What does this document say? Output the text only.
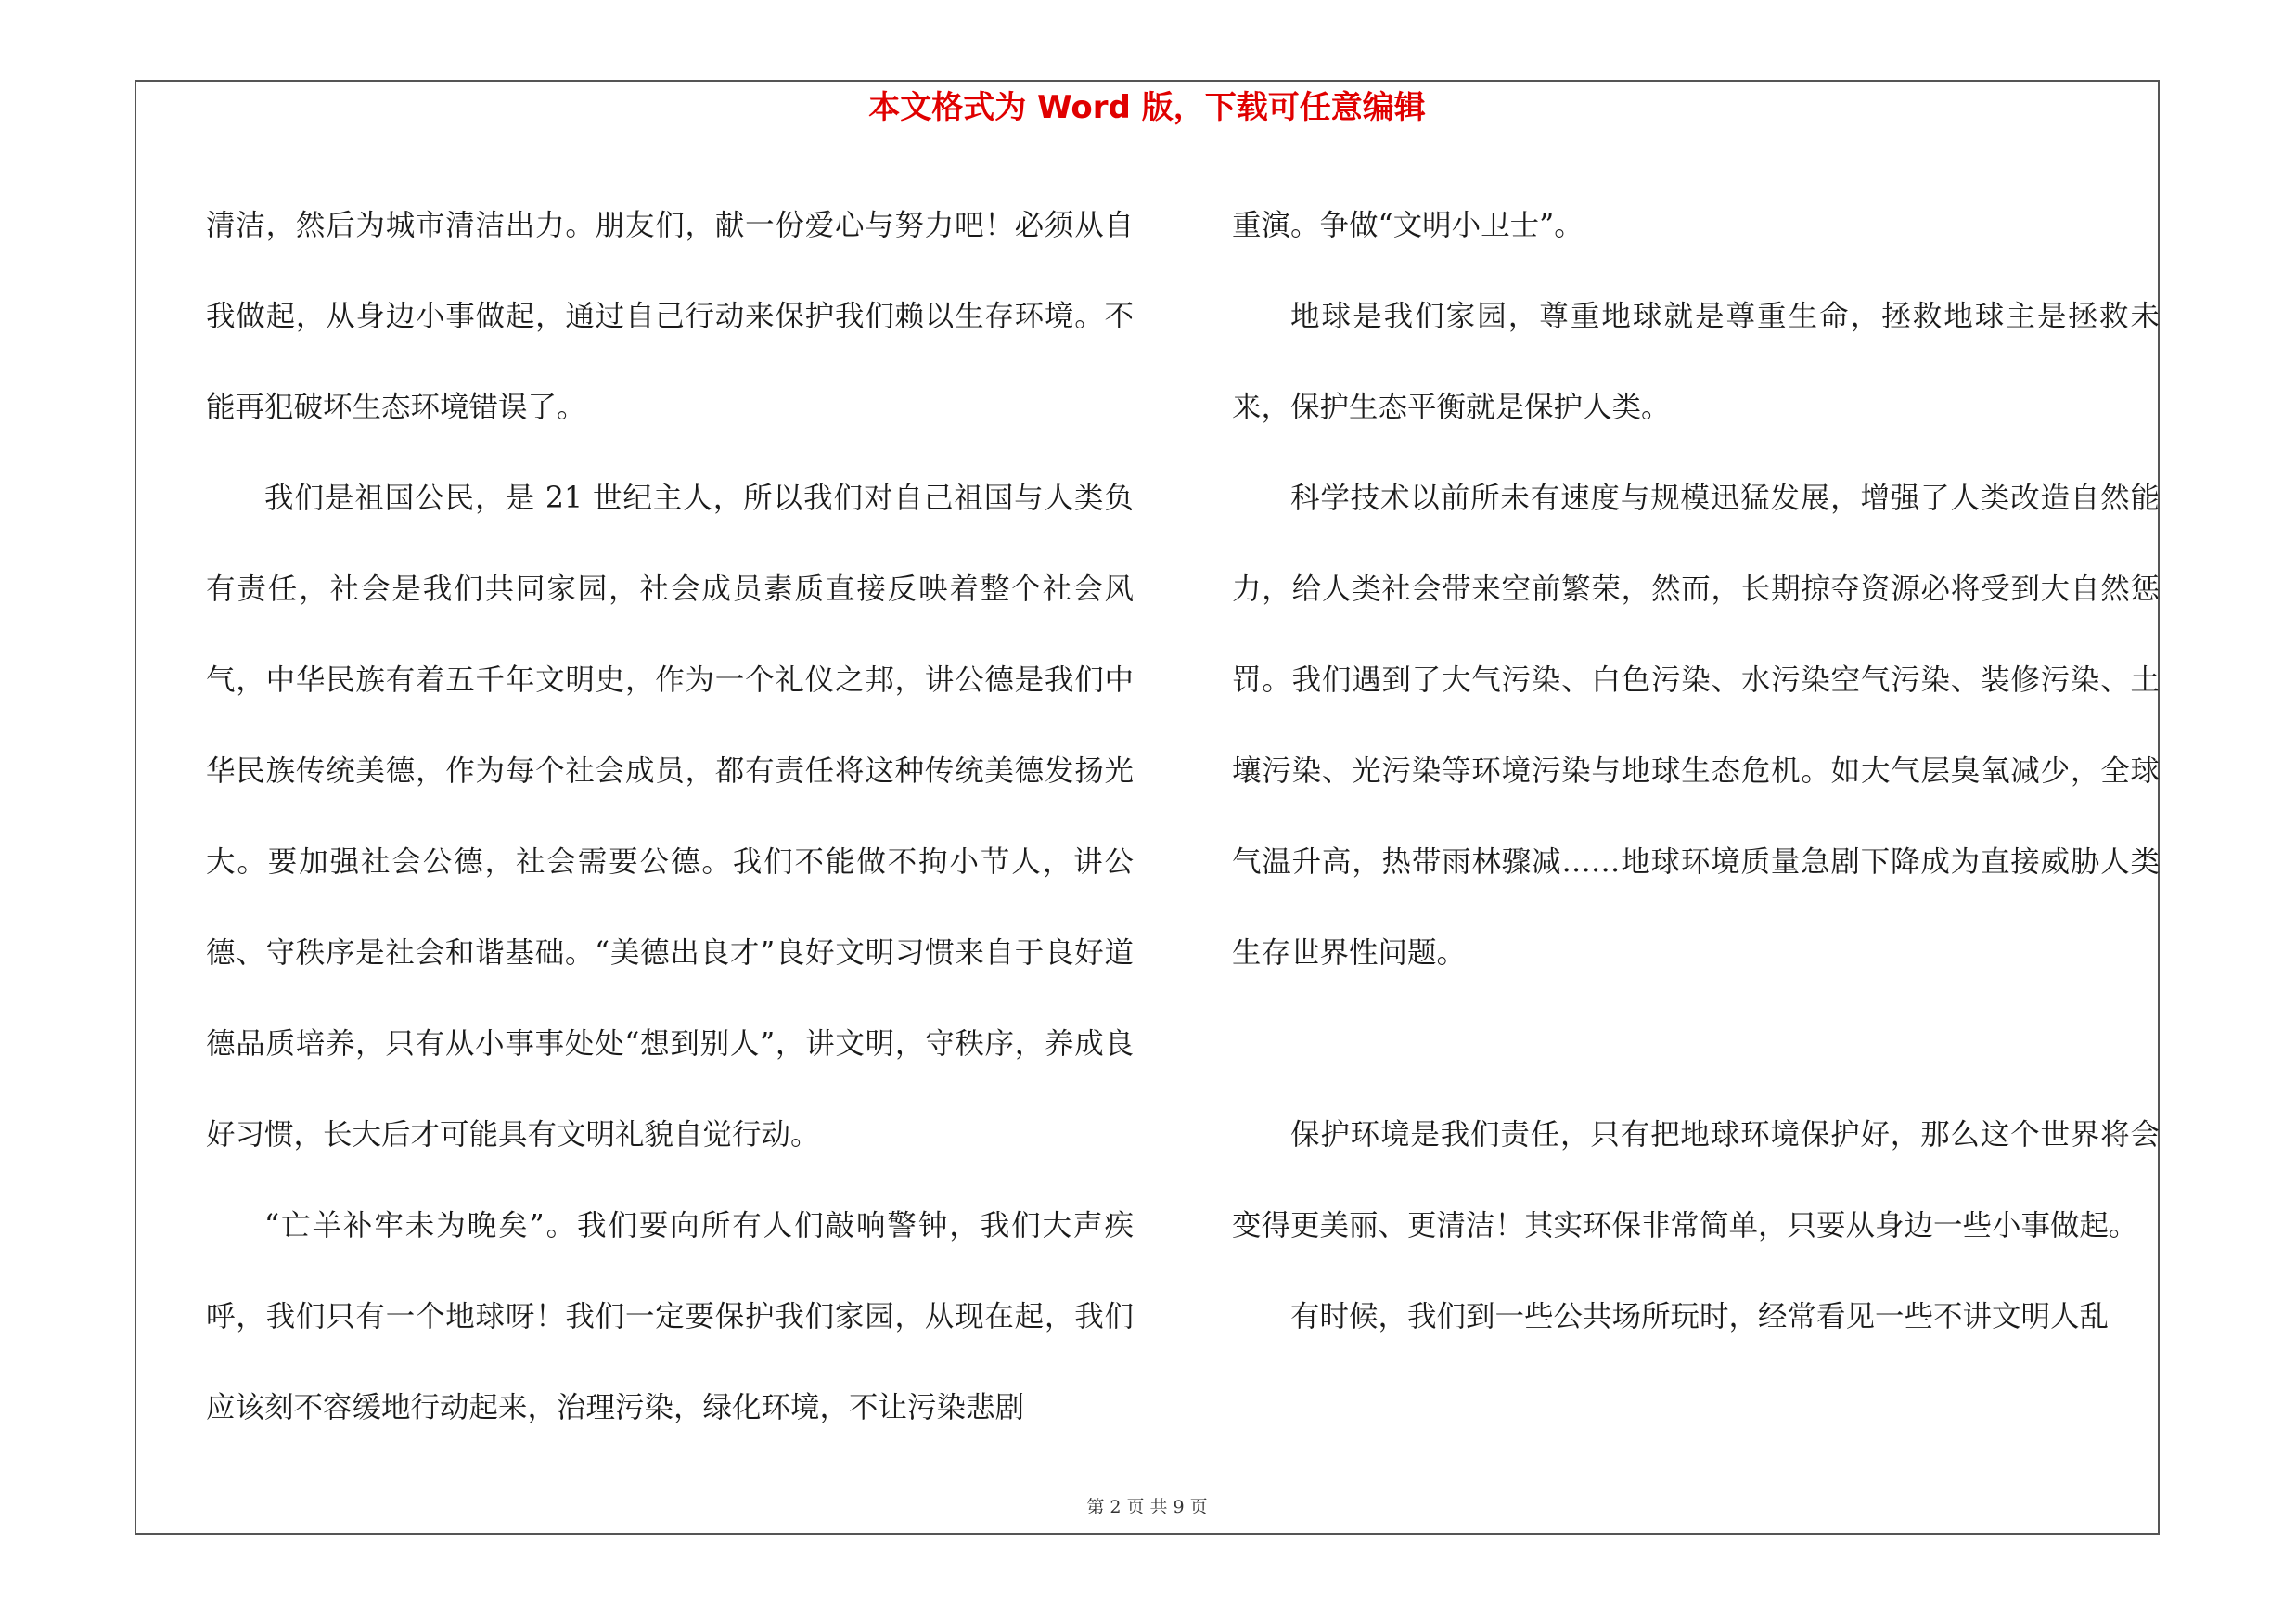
本文格式为 Word 版，下载可任意编辑

清洁，然后为城市清洁出力。朋友们，献一份爱心与努力吧！必须从自我做起，从身边小事做起，通过自己行动来保护我们赖以生存环境。不能再犯破坏生态环境错误了。

我们是祖国公民，是 21 世纪主人，所以我们对自己祖国与人类负有责任，社会是我们共同家园，社会成员素质直接反映着整个社会风气，中华民族有着五千年文明史，作为一个礼仪之邦，讲公德是我们中华民族传统美德，作为每个社会成员，都有责任将这种传统美德发扬光大。要加强社会公德，社会需要公德。我们不能做不拘小节人，讲公德、守秩序是社会和谐基础。“美德出良才”良好文明习惯来自于良好道德品质培养，只有从小事事处处“想到别人”，讲文明，守秩序，养成良好习惯，长大后才可能具有文明礼貌自觉行动。

“亡羊补牢未为晚矣”。我们要向所有人们敲响警钟，我们大声疾呼，我们只有一个地球呀！我们一定要保护我们家园，从现在起，我们应该刻不容缓地行动起来，治理污染，绿化环境，不让污染悲剧

重演。争做“文明小卫士”。

地球是我们家园，尊重地球就是尊重生命，拯救地球主是拯救未来，保护生态平衡就是保护人类。

科学技术以前所未有速度与规模迅猛发展，增强了人类改造自然能力，给人类社会带来空前繁荣，然而，长期掠夺资源必将受到大自然惩罚。我们遇到了大气污染、白色污染、水污染空气污染、装修污染、土壤污染、光污染等环境污染与地球生态危机。如大气层臭氧减少，全球气温升高，热带雨林骤减……地球环境质量急剧下降成为直接威胁人类生存世界性问题。

保护环境是我们责任，只有把地球环境保护好，那么这个世界将会变得更美丽、更清洁！其实环保非常简单，只要从身边一些小事做起。

有时候，我们到一些公共场所玩时，经常看见一些不讲文明人乱

第 2 页 共 9 页
